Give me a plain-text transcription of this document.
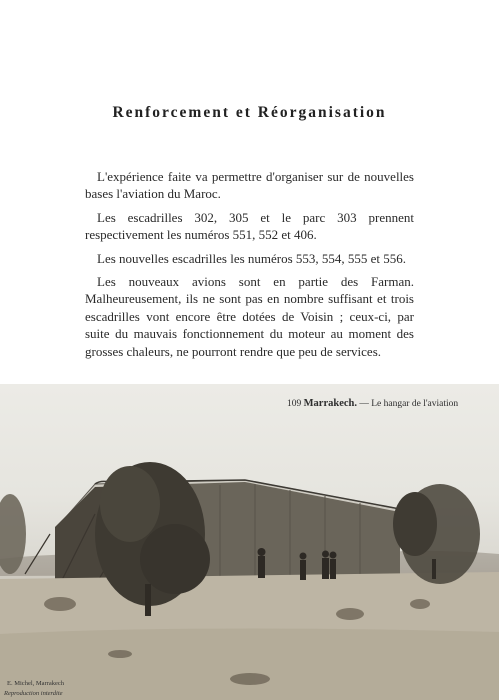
Renforcement et Réorganisation

L'expérience faite va permettre d'organiser sur de nouvelles bases l'aviation du Maroc.

Les escadrilles 302, 305 et le parc 303 prennent respectivement les numéros 551, 552 et 406.

Les nouvelles escadrilles les numéros 553, 554, 555 et 556.

Les nouveaux avions sont en partie des Farman. Malheureusement, ils ne sont pas en nombre suffisant et trois escadrilles vont encore être dotées de Voisin ; ceux-ci, par suite du mauvais fonctionnement du moteur au moment des grosses chaleurs, ne pourront rendre que peu de services.

109 Marrakech. — Le hangar de l'aviation
E. Michel, Marrakech
Reproduction interdite
